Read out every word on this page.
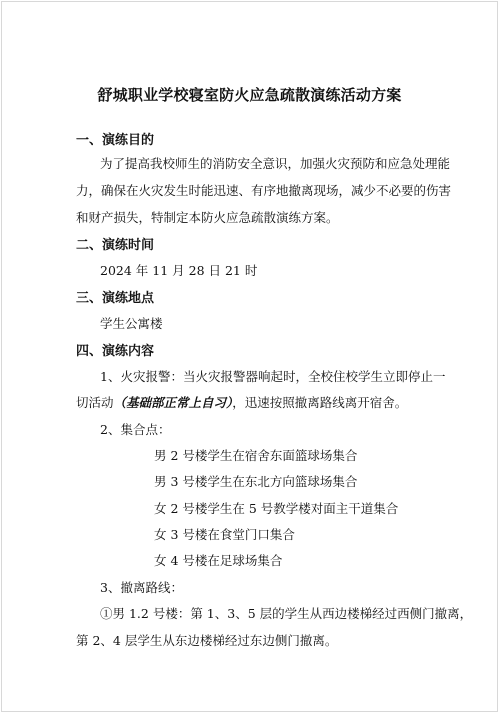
舒城职业学校寝室防火应急疏散演练活动方案
一、演练目的
为了提高我校师生的消防安全意识，加强火灾预防和应急处理能
力，确保在火灾发生时能迅速、有序地撤离现场，减少不必要的伤害
和财产损失，特制定本防火应急疏散演练方案。
二、演练时间
2024 年 11 月 28 日 21 时
三、演练地点
学生公寓楼
四、演练内容
1、火灾报警：当火灾报警器响起时，全校住校学生立即停止一
切活动（基础部正常上自习），迅速按照撤离路线离开宿舍。
2、集合点：
男 2 号楼学生在宿舍东面篮球场集合
男 3 号楼学生在东北方向篮球场集合
女 2 号楼学生在 5 号教学楼对面主干道集合
女 3 号楼在食堂门口集合
女 4 号楼在足球场集合
3、撤离路线：
①男 1.2 号楼：第 1、3、5 层的学生从西边楼梯经过西侧门撤离，
第 2、4 层学生从东边楼梯经过东边侧门撤离。
